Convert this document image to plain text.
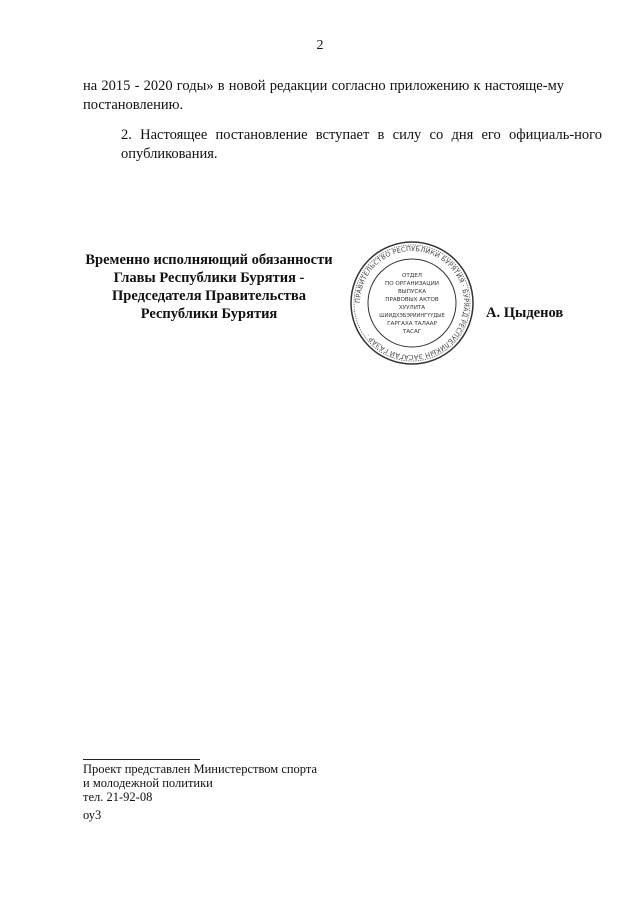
2
на 2015 - 2020 годы» в новой редакции согласно приложению к настояще-му постановлению.
2. Настоящее постановление вступает в силу со дня его официаль-ного опубликования.
Временно исполняющий обязанности
Главы Республики Бурятия -
Председателя Правительства
Республики Бурятия
ПРАВИТЕЛЬСТВО РЕСПУБЛИКИ БУРЯТИЯ · БУРЯАД РЕСПУБЛИКЫН ЗАСАГАЙ ГАЗАР ·
ОТДЕЛ
ПО ОРГАНИЗАЦИИ
ВЫПУСКА
ПРАВОВЫХ АКТОВ
ХУУЛИТА
ШИИДХЭБЭРИИНГҮҮДЫЕ
ГАРГАХА ТАЛААР
ТАСАГ
А. Цыденов
Проект представлен Министерством спорта
и молодежной политики
тел. 21-92-08
оу3
